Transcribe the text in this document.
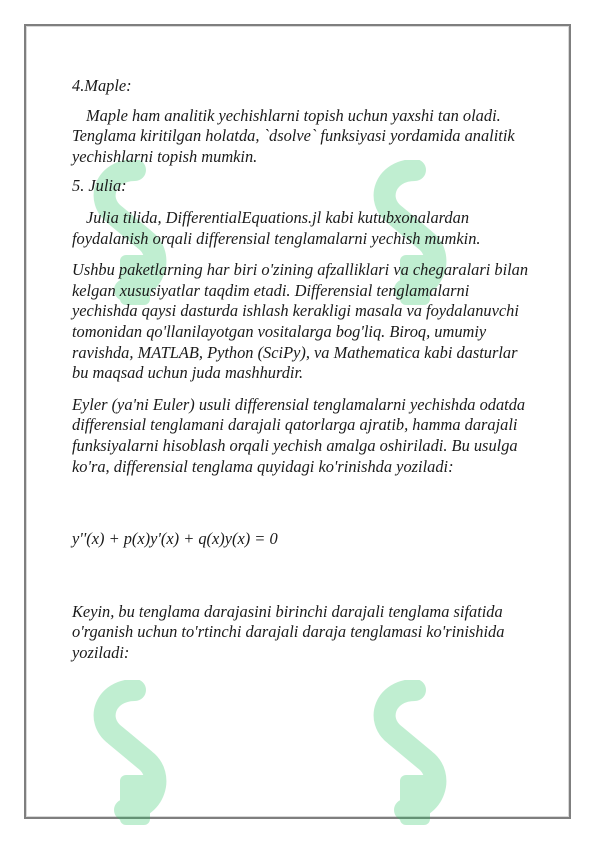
4.Maple:

Maple ham analitik yechishlarni topish uchun yaxshi tan oladi. Tenglama kiritilgan holatda, `dsolve` funksiyasi yordamida analitik yechishlarni topish mumkin.

5. Julia:

Julia tilida, DifferentialEquations.jl kabi kutubxonalardan foydalanish orqali differensial tenglamalarni yechish mumkin.

Ushbu paketlarning har biri o'zining afzalliklari va chegaralari bilan kelgan xususiyatlar taqdim etadi. Differensial tenglamalarni yechishda qaysi dasturda ishlash kerakligi masala va foydalanuvchi tomonidan qo'llanilayotgan vositalarga bog'liq. Biroq, umumiy ravishda, MATLAB, Python (SciPy), va Mathematica kabi dasturlar bu maqsad uchun juda mashhurdir.

Eyler (ya'ni Euler) usuli differensial tenglamalarni yechishda odatda differensial tenglamani darajali qatorlarga ajratib, hamma darajali funksiyalarni hisoblash orqali yechish amalga oshiriladi. Bu usulga ko'ra, differensial tenglama quyidagi ko'rinishda yoziladi:

y''(x) + p(x)y'(x) + q(x)y(x) = 0

Keyin, bu tenglama darajasini birinchi darajali tenglama sifatida o'rganish uchun to'rtinchi darajali daraja tenglamasi ko'rinishida yoziladi:
